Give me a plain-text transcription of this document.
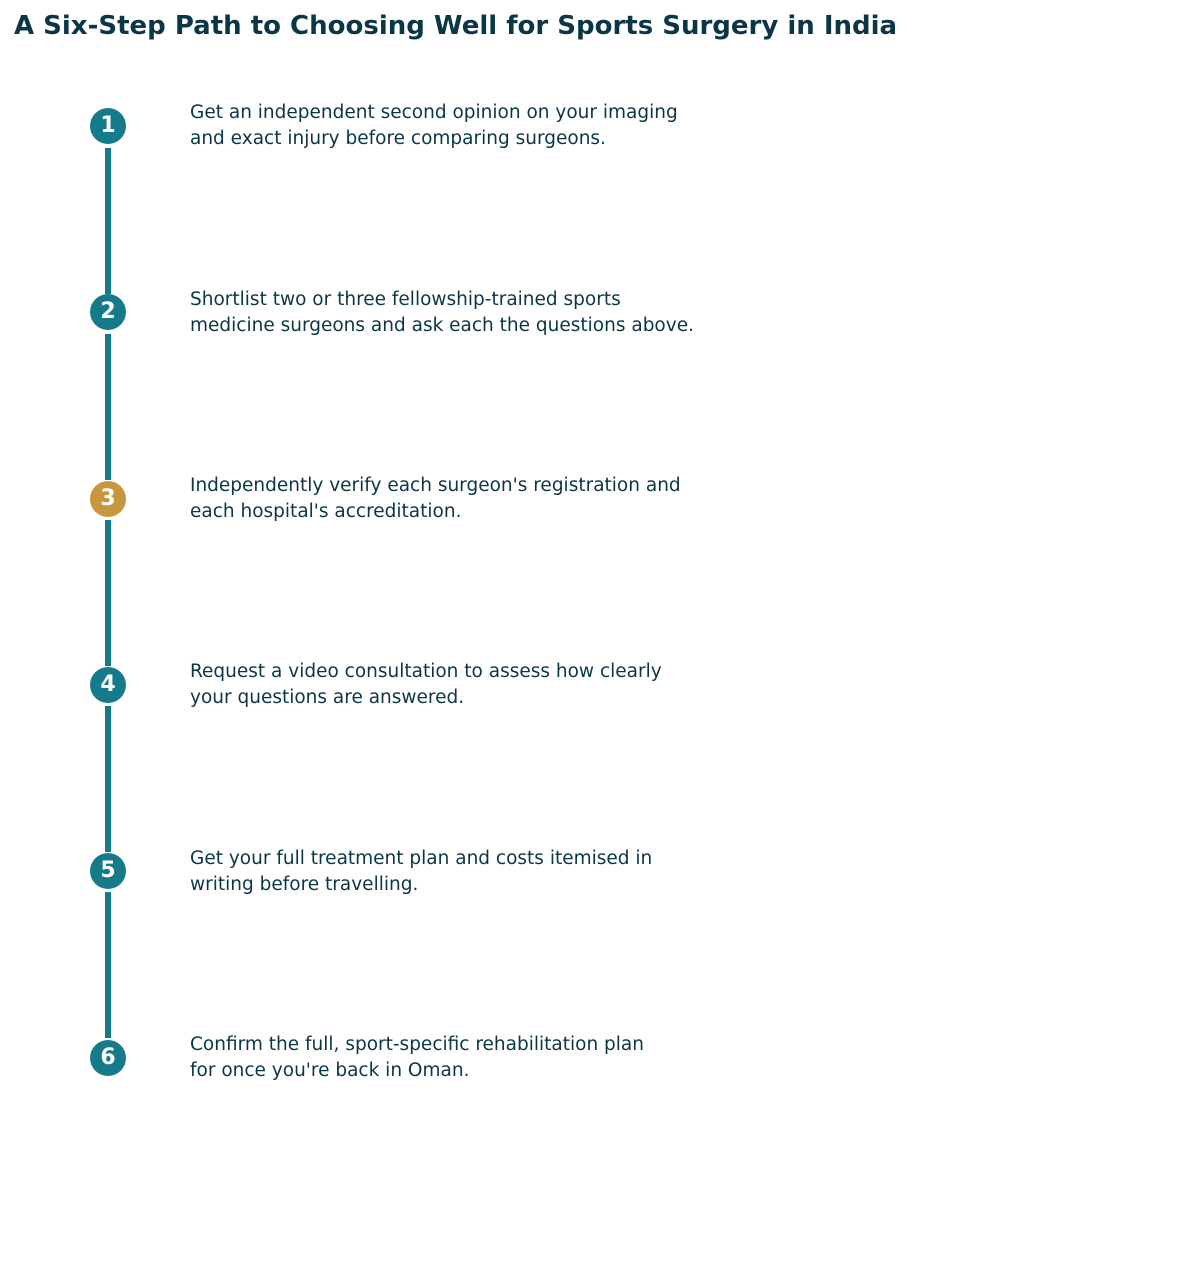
A Six-Step Path to Choosing Well for Sports Surgery in India
1
Get an independent second opinion on your imaging
and exact injury before comparing surgeons.
2	Shortlist two or three fellowship-trained sports
medicine surgeons and ask each the questions above.
3
Independently verify each surgeon's registration and
each hospital's accreditation.
4
Request a video consultation to assess how clearly
your questions are answered.
5	Get your full treatment plan and costs itemised in
writing before travelling.
6
Confirm the full, sport-specific rehabilitation plan
for once you're back in Oman.
